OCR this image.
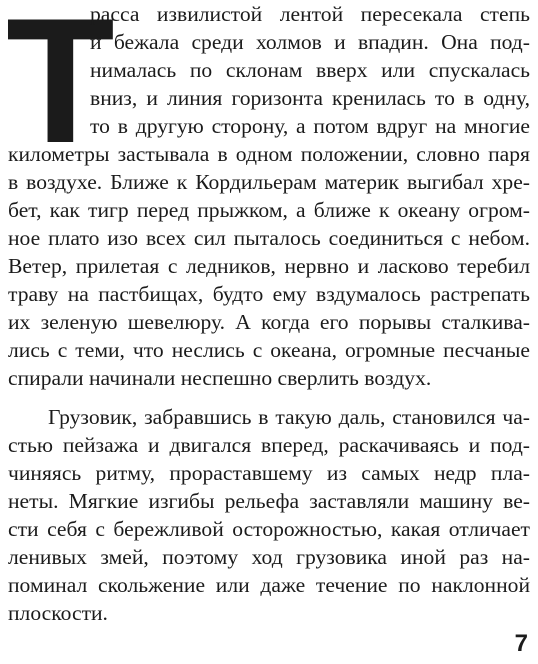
Т
расса извилистой лентой пересекала степь
и бежала среди холмов и впадин. Она под-
нималась по склонам вверх или спускалась
вниз, и линия горизонта кренилась то в одну,
то в другую сторону, а потом вдруг на многие
километры застывала в одном положении, словно паря
в воздухе. Ближе к Кордильерам материк выгибал хре-
бет, как тигр перед прыжком, а ближе к океану огром-
ное плато изо всех сил пыталось соединиться с небом.
Ветер, прилетая с ледников, нервно и ласково теребил
траву на пастбищах, будто ему вздумалось растрепать
их зеленую шевелюру. А когда его порывы сталкива-
лись с теми, что неслись с океана, огромные песчаные
спирали начинали неспешно сверлить воздух.
Грузовик, забравшись в такую даль, становился ча-
стью пейзажа и двигался вперед, раскачиваясь и под-
чиняясь ритму, прораставшему из самых недр пла-
неты. Мягкие изгибы рельефа заставляли машину ве-
сти себя с бережливой осторожностью, какая отличает
ленивых змей, поэтому ход грузовика иной раз на-
поминал скольжение или даже течение по наклонной
плоскости.
7
